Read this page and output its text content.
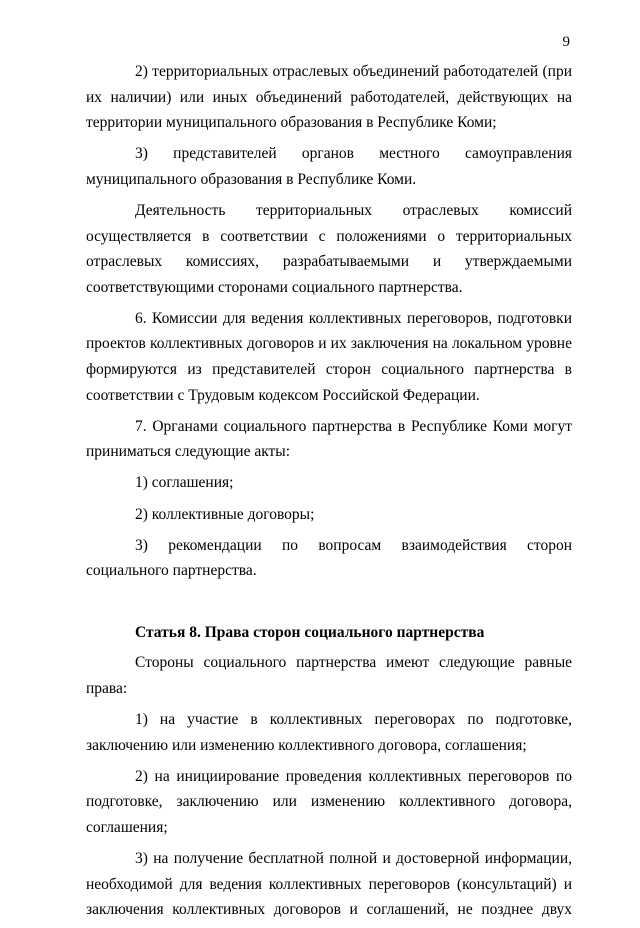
9

2) территориальных отраслевых объединений работодателей (при их наличии) или иных объединений работодателей, действующих на территории муниципального образования в Республике Коми;

3) представителей органов местного самоуправления муниципального образования в Республике Коми.

Деятельность территориальных отраслевых комиссий осуществляется в соответствии с положениями о территориальных отраслевых комиссиях, разрабатываемыми и утверждаемыми соответствующими сторонами социального партнерства.

6. Комиссии для ведения коллективных переговоров, подготовки проектов коллективных договоров и их заключения на локальном уровне формируются из представителей сторон социального партнерства в соответствии с Трудовым кодексом Российской Федерации.

7. Органами социального партнерства в Республике Коми могут приниматься следующие акты:

1) соглашения;

2) коллективные договоры;

3) рекомендации по вопросам взаимодействия сторон социального партнерства.

Статья 8. Права сторон социального партнерства

Стороны социального партнерства имеют следующие равные права:

1) на участие в коллективных переговорах по подготовке, заключению или изменению коллективного договора, соглашения;

2) на инициирование проведения коллективных переговоров по подготовке, заключению или изменению коллективного договора, соглашения;

3) на получение бесплатной полной и достоверной информации, необходимой для ведения коллективных переговоров (консультаций) и заключения коллективных договоров и соглашений, не позднее двух
